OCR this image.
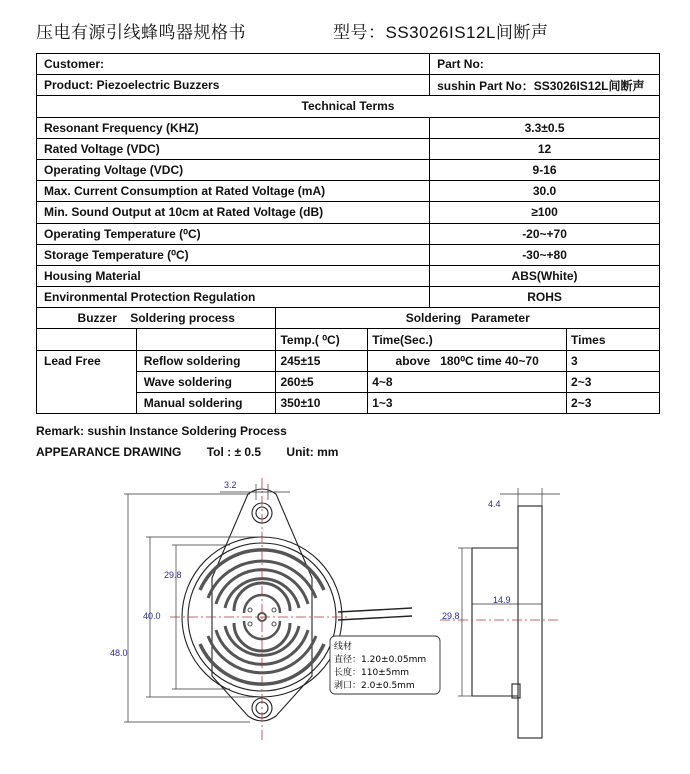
压电有源引线蜂鸣器规格书	型号：SS3026IS12L间断声
Customer:				Part No:	
Product: Piezoelectric Buzzers				sushin Part No：SS3026IS12L间断声	
Technical Terms					
Resonant Frequency (KHZ)				3.3±0.5	
Rated Voltage (VDC)				12	
Operating Voltage (VDC)				9-16	
Max. Current Consumption at Rated Voltage (mA)				30.0	
Min. Sound Output at 10cm at Rated Voltage (dB)				≥100	
Operating Temperature (⁰C)				-20~+70	
Storage Temperature (⁰C)				-30~+80	
Housing Material				ABS(White)	
Environmental Protection Regulation				ROHS	
Buzzer    Soldering process		Soldering   Parameter			
		Temp.( ⁰C)	Time(Sec.)		Times
Lead Free	Reflow soldering	245±15	above   180⁰C time 40~70		3
	Wave soldering	260±5	4~8		2~3
	Manual soldering	350±10	1~3		2~3
Remark: sushin Instance Soldering Process
APPEARANCE DRAWING Tol : ± 0.5 Unit: mm
3.2
29.8
40.0
48.0
4.4
14.9
29.8
线材
直径：1.20±0.05mm
长度：110±5mm
剥口：2.0±0.5mm
